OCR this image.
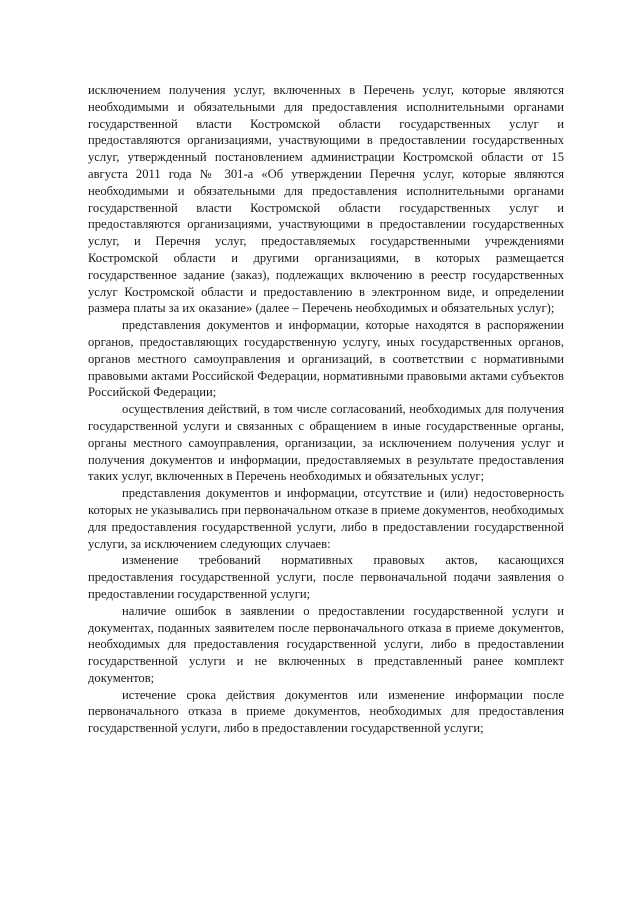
исключением получения услуг, включенных в Перечень услуг, которые являются необходимыми и обязательными для предоставления исполнительными органами государственной власти Костромской области государственных услуг и предоставляются организациями, участвующими в предоставлении государственных услуг, утвержденный постановлением администрации Костромской области от 15 августа 2011 года № 301-а «Об утверждении Перечня услуг, которые являются необходимыми и обязательными для предоставления исполнительными органами государственной власти Костромской области государственных услуг и предоставляются организациями, участвующими в предоставлении государственных услуг, и Перечня услуг, предоставляемых государственными учреждениями Костромской области и другими организациями, в которых размещается государственное задание (заказ), подлежащих включению в реестр государственных услуг Костромской области и предоставлению в электронном виде, и определении размера платы за их оказание» (далее – Перечень необходимых и обязательных услуг);

представления документов и информации, которые находятся в распоряжении органов, предоставляющих государственную услугу, иных государственных органов, органов местного самоуправления и организаций, в соответствии с нормативными правовыми актами Российской Федерации, нормативными правовыми актами субъектов Российской Федерации;

осуществления действий, в том числе согласований, необходимых для получения государственной услуги и связанных с обращением в иные государственные органы, органы местного самоуправления, организации, за исключением получения услуг и получения документов и информации, предоставляемых в результате предоставления таких услуг, включенных в Перечень необходимых и обязательных услуг;

представления документов и информации, отсутствие и (или) недостоверность которых не указывались при первоначальном отказе в приеме документов, необходимых для предоставления государственной услуги, либо в предоставлении государственной услуги, за исключением следующих случаев:

изменение требований нормативных правовых актов, касающихся предоставления государственной услуги, после первоначальной подачи заявления о предоставлении государственной услуги;

наличие ошибок в заявлении о предоставлении государственной услуги и документах, поданных заявителем после первоначального отказа в приеме документов, необходимых для предоставления государственной услуги, либо в предоставлении государственной услуги и не включенных в представленный ранее комплект документов;

истечение срока действия документов или изменение информации после первоначального отказа в приеме документов, необходимых для предоставления государственной услуги, либо в предоставлении государственной услуги;
